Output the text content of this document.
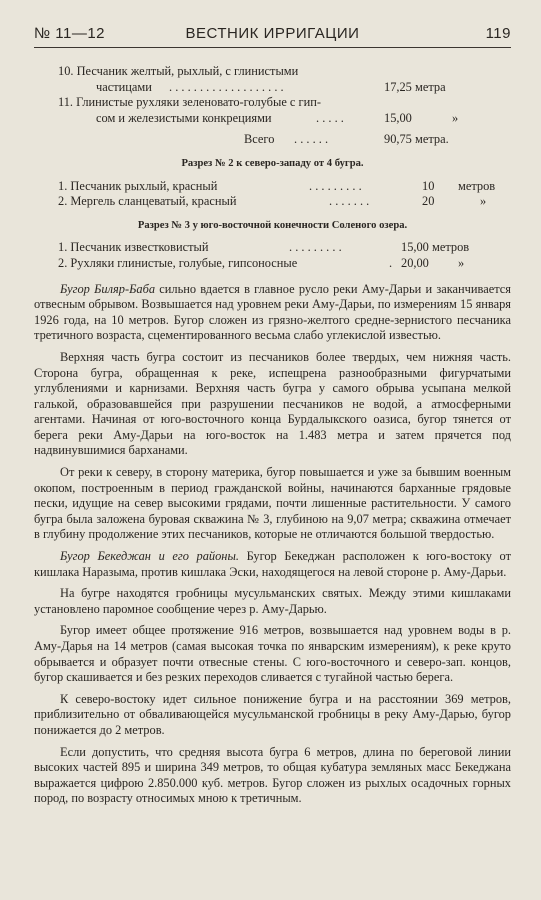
№ 11—12	ВЕСТНИК ИРРИГАЦИИ	119
10. Песчаник желтый, рыхлый, с глинистыми
частицами . . . . . . . . . . . . . . . . . . .	17,25 метра
11. Глинистые рухляки зеленовато-голубые с гип-
сом и железистыми конкрециями	. . . . .	15,00	»
Всего . . . . . .	90,75 метра.
Разрез № 2 к северо-западу от 4 бугра.
1. Песчаник рыхлый, красный	. . . . . . . . .	10 метров
2. Мергель сланцеватый, красный	. . . . . . .	20	»
Разрез № 3 у юго-восточной конечности Соленого озера.
1. Песчаник известковистый	. . . . . . . . .	15,00 метров
2. Рухляки глинистые, голубые, гипсоносные	. 20,00 »

Бугор Биляр-Баба сильно вдается в главное русло реки Аму-Дарьи и заканчивается отвесным обрывом. Возвышается над уровнем реки Аму-Дарьи, по измерениям 15 января 1926 года, на 10 метров. Бугор сложен из грязно-желтого средне-зернистого песчаника третичного возраста, сцементированного весьма слабо углекислой известью.

Верхняя часть бугра состоит из песчаников более твердых, чем нижняя часть. Сторона бугра, обращенная к реке, испещрена разнообразными фигурчатыми углублениями и карнизами. Верхняя часть бугра у самого обрыва усыпана мелкой галькой, образовавшейся при разрушении песчаников не водой, а атмосферными агентами. Начиная от юго-восточного конца Бурдалыкского оазиса, бугор тянется от берега реки Аму-Дарьи на юго-восток на 1.483 метра и затем прячется под надвинувшимися барханами.

От реки к северу, в сторону материка, бугор повышается и уже за бывшим военным окопом, построенным в период гражданской войны, начинаются барханные грядовые пески, идущие на север высокими грядами, почти лишенные растительности. У самого бугра была заложена буровая скважина № 3, глубиною на 9,07 метра; скважина отмечает в глубину продолжение этих песчаников, которые не отличаются большой твердостью.

Бугор Бекеджан и его районы. Бугор Бекеджан расположен к юго-востоку от кишлака Наразыма, против кишлака Эски, находящегося на левой стороне р. Аму-Дарьи.

На бугре находятся гробницы мусульманских святых. Между этими кишлаками установлено паромное сообщение через р. Аму-Дарью.

Бугор имеет общее протяжение 916 метров, возвышается над уровнем воды в р. Аму-Дарья на 14 метров (самая высокая точка по январским измерениям), к реке круто обрывается и образует почти отвесные стены. С юго-восточного и северо-зап. концов, бугор скашивается и без резких переходов сливается с тугайной частью берега.

К северо-востоку идет сильное понижение бугра и на расстоянии 369 метров, приблизительно от обваливающейся мусульманской гробницы в реку Аму-Дарью, бугор понижается до 2 метров.

Если допустить, что средняя высота бугра 6 метров, длина по береговой линии высоких частей 895 и ширина 349 метров, то общая кубатура земляных масс Бекеджана выражается цифрою 2.850.000 куб. метров. Бугор сложен из рыхлых осадочных горных пород, по возрасту относимых мною к третичным.
